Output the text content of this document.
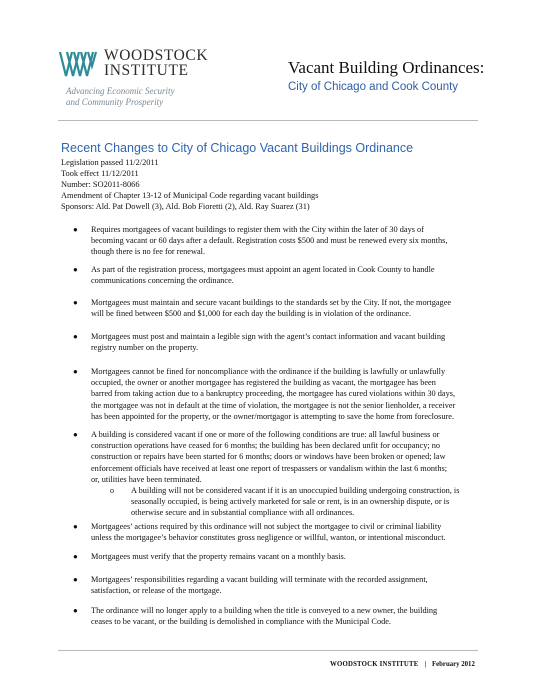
WOODSTOCK
INSTITUTE
Advancing Economic Security
and Community Prosperity
Vacant Building Ordinances:
City of Chicago and Cook County
Recent Changes to City of Chicago Vacant Buildings Ordinance
Legislation passed 11/2/2011
Took effect 11/12/2011
Number: SO2011-8066
Amendment of Chapter 13-12 of Municipal Code regarding vacant buildings
Sponsors: Ald. Pat Dowell (3), Ald. Bob Fioretti (2), Ald. Ray Suarez (31)
● Requires mortgagees of vacant buildings to register them with the City within the later of 30 days of
becoming vacant or 60 days after a default. Registration costs $500 and must be renewed every six months,
though there is no fee for renewal.
● As part of the registration process, mortgagees must appoint an agent located in Cook County to handle
communications concerning the ordinance.
● Mortgagees must maintain and secure vacant buildings to the standards set by the City. If not, the mortgagee
will be fined between $500 and $1,000 for each day the building is in violation of the ordinance.
● Mortgagees must post and maintain a legible sign with the agent’s contact information and vacant building
registry number on the property.
● Mortgagees cannot be fined for noncompliance with the ordinance if the building is lawfully or unlawfully
occupied, the owner or another mortgagee has registered the building as vacant, the mortgagee has been
barred from taking action due to a bankruptcy proceeding, the mortgagee has cured violations within 30 days,
the mortgagee was not in default at the time of violation, the mortgagee is not the senior lienholder, a receiver
has been appointed for the property, or the owner/mortgagor is attempting to save the home from foreclosure.
● A building is considered vacant if one or more of the following conditions are true: all lawful business or
construction operations have ceased for 6 months; the building has been declared unfit for occupancy; no
construction or repairs have been started for 6 months; doors or windows have been broken or opened; law
enforcement officials have received at least one report of trespassers or vandalism within the last 6 months;
or, utilities have been terminated.
o A building will not be considered vacant if it is an unoccupied building undergoing construction, is
seasonally occupied, is being actively marketed for sale or rent, is in an ownership dispute, or is
otherwise secure and in substantial compliance with all ordinances.
● Mortgagees’ actions required by this ordinance will not subject the mortgagee to civil or criminal liability
unless the mortgagee’s behavior constitutes gross negligence or willful, wanton, or intentional misconduct.
● Mortgagees must verify that the property remains vacant on a monthly basis.
● Mortgagees’ responsibilities regarding a vacant building will terminate with the recorded assignment,
satisfaction, or release of the mortgage.
● The ordinance will no longer apply to a building when the title is conveyed to a new owner, the building
ceases to be vacant, or the building is demolished in compliance with the Municipal Code.
WOODSTOCK INSTITUTE | February 2012
